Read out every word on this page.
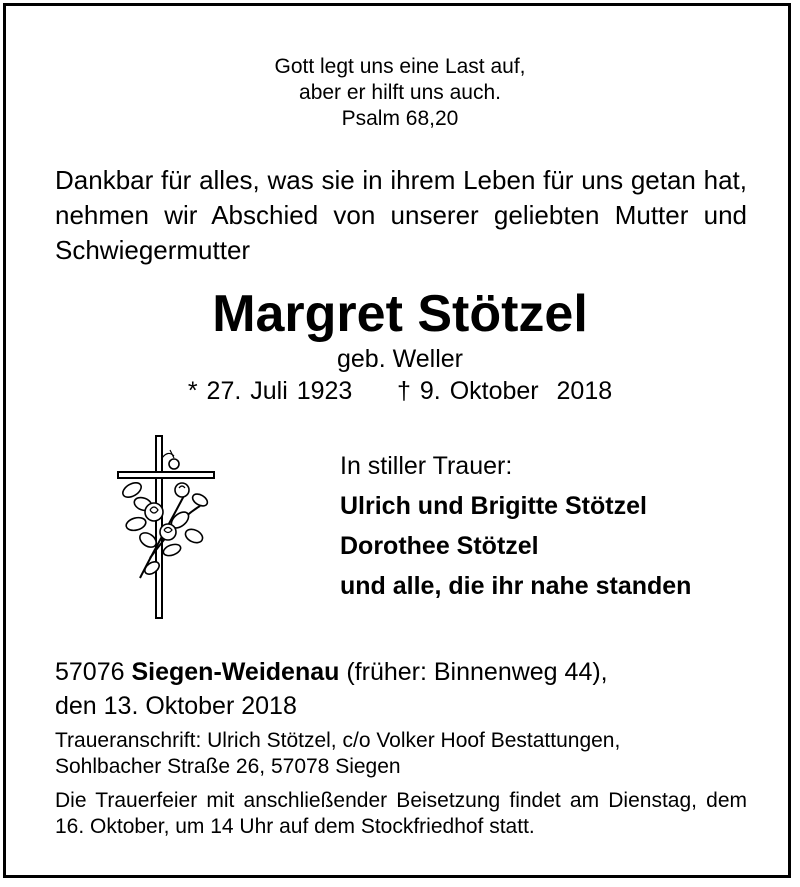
Gott legt uns eine Last auf,
aber er hilft uns auch.
Psalm 68,20
Dankbar für alles, was sie in ihrem Leben für uns getan hat, nehmen wir Abschied von unserer geliebten Mutter und Schwiegermutter
Margret Stötzel
geb. Weller
* 27. Juli 1923 † 9. Oktober  2018
In stiller Trauer:
Ulrich und Brigitte Stötzel
Dorothee Stötzel
und alle, die ihr nahe standen
57076 Siegen-Weidenau (früher: Binnenweg 44),
den 13. Oktober 2018
Traueranschrift: Ulrich Stötzel, c/o Volker Hoof Bestattungen,
Sohlbacher Straße 26, 57078 Siegen
Die Trauerfeier mit anschließender Beisetzung findet am Dienstag, dem 16. Oktober, um 14 Uhr auf dem Stockfriedhof statt.
